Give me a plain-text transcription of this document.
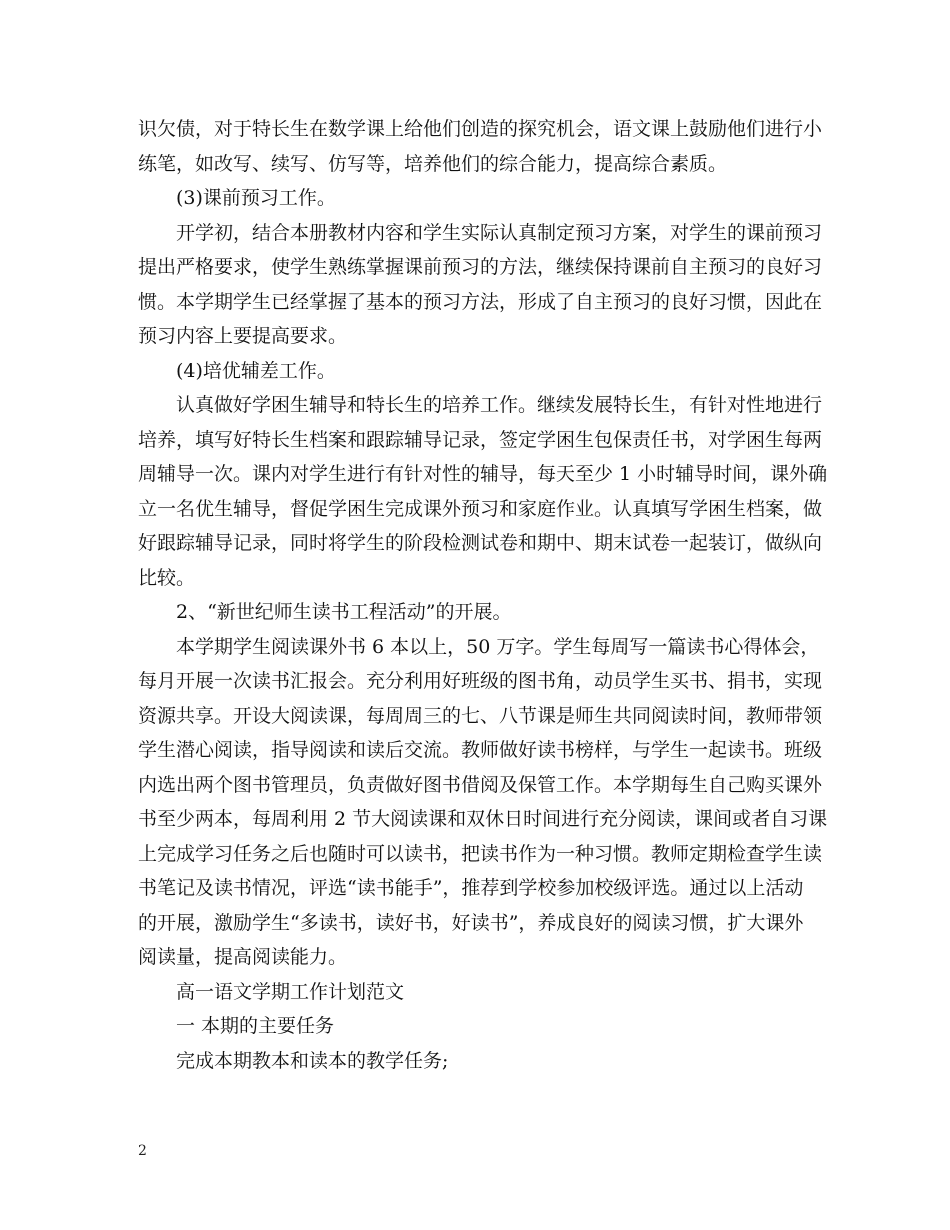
识欠债，对于特长生在数学课上给他们创造的探究机会，语文课上鼓励他们进行小
练笔，如改写、续写、仿写等，培养他们的综合能力，提高综合素质。

(3)课前预习工作。

开学初，结合本册教材内容和学生实际认真制定预习方案，对学生的课前预习
提出严格要求，使学生熟练掌握课前预习的方法，继续保持课前自主预习的良好习
惯。本学期学生已经掌握了基本的预习方法，形成了自主预习的良好习惯，因此在
预习内容上要提高要求。

(4)培优辅差工作。

认真做好学困生辅导和特长生的培养工作。继续发展特长生，有针对性地进行
培养，填写好特长生档案和跟踪辅导记录，签定学困生包保责任书，对学困生每两
周辅导一次。课内对学生进行有针对性的辅导，每天至少 1 小时辅导时间，课外确
立一名优生辅导，督促学困生完成课外预习和家庭作业。认真填写学困生档案，做
好跟踪辅导记录，同时将学生的阶段检测试卷和期中、期末试卷一起装订，做纵向
比较。

2、“新世纪师生读书工程活动”的开展。

本学期学生阅读课外书 6 本以上，50 万字。学生每周写一篇读书心得体会，
每月开展一次读书汇报会。充分利用好班级的图书角，动员学生买书、捐书，实现
资源共享。开设大阅读课，每周周三的七、八节课是师生共同阅读时间，教师带领
学生潜心阅读，指导阅读和读后交流。教师做好读书榜样，与学生一起读书。班级
内选出两个图书管理员，负责做好图书借阅及保管工作。本学期每生自己购买课外
书至少两本，每周利用 2 节大阅读课和双休日时间进行充分阅读，课间或者自习课
上完成学习任务之后也随时可以读书，把读书作为一种习惯。教师定期检查学生读
书笔记及读书情况，评选“读书能手”，推荐到学校参加校级评选。通过以上活动
的开展，激励学生“多读书，读好书，好读书”，养成良好的阅读习惯，扩大课外
阅读量，提高阅读能力。

高一语文学期工作计划范文

一 本期的主要任务

完成本期教本和读本的教学任务;

2
